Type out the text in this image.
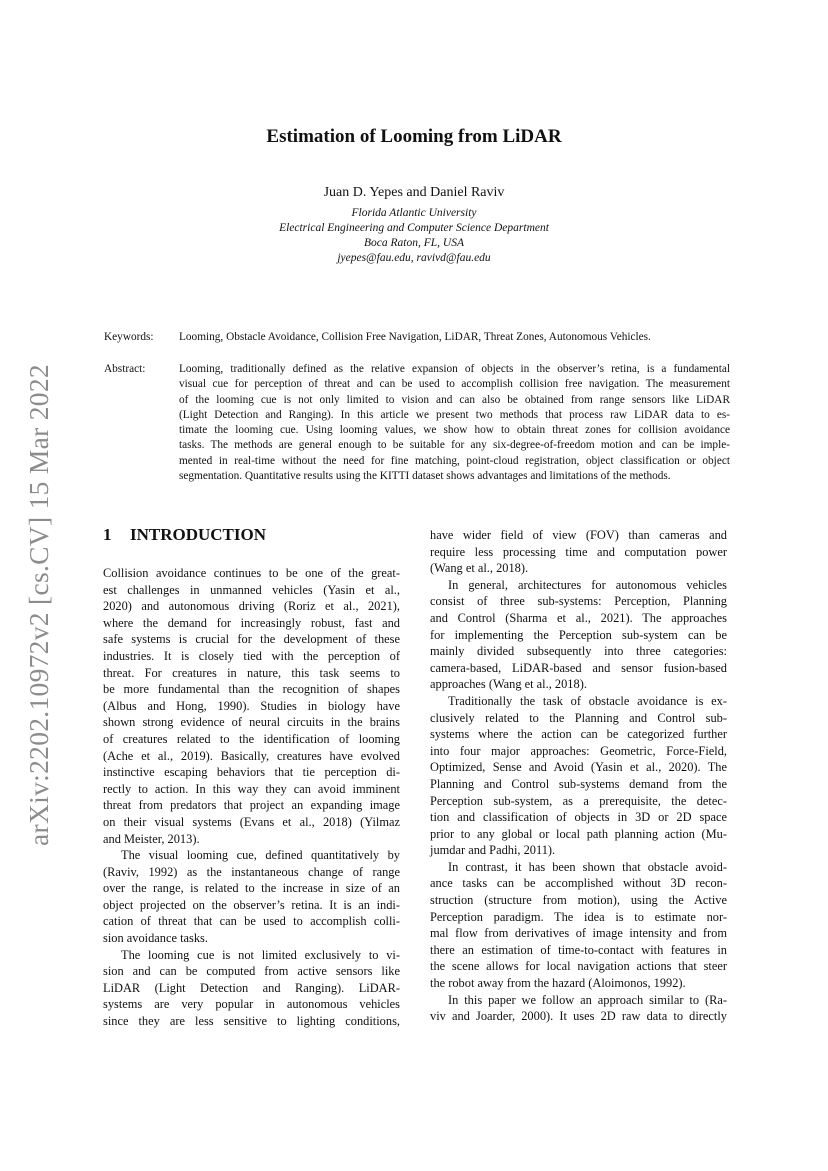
arXiv:2202.10972v2 [cs.CV] 15 Mar 2022
Estimation of Looming from LiDAR
Juan D. Yepes and Daniel Raviv
Florida Atlantic University
Electrical Engineering and Computer Science Department
Boca Raton, FL, USA
jyepes@fau.edu, ravivd@fau.edu
Keywords:	Looming, Obstacle Avoidance, Collision Free Navigation, LiDAR, Threat Zones, Autonomous Vehicles.
Abstract:	Looming, traditionally defined as the relative expansion of objects in the observer’s retina, is a fundamental
visual cue for perception of threat and can be used to accomplish collision free navigation. The measurement
of the looming cue is not only limited to vision and can also be obtained from range sensors like LiDAR
(Light Detection and Ranging). In this article we present two methods that process raw LiDAR data to es-
timate the looming cue. Using looming values, we show how to obtain threat zones for collision avoidance
tasks. The methods are general enough to be suitable for any six-degree-of-freedom motion and can be imple-
mented in real-time without the need for fine matching, point-cloud registration, object classification or object
segmentation. Quantitative results using the KITTI dataset shows advantages and limitations of the methods.
1 INTRODUCTION
Collision avoidance continues to be one of the great-
est challenges in unmanned vehicles (Yasin et al.,
2020) and autonomous driving (Roriz et al., 2021),
where the demand for increasingly robust, fast and
safe systems is crucial for the development of these
industries. It is closely tied with the perception of
threat. For creatures in nature, this task seems to
be more fundamental than the recognition of shapes
(Albus and Hong, 1990). Studies in biology have
shown strong evidence of neural circuits in the brains
of creatures related to the identification of looming
(Ache et al., 2019). Basically, creatures have evolved
instinctive escaping behaviors that tie perception di-
rectly to action. In this way they can avoid imminent
threat from predators that project an expanding image
on their visual systems (Evans et al., 2018) (Yilmaz
and Meister, 2013).
The visual looming cue, defined quantitatively by
(Raviv, 1992) as the instantaneous change of range
over the range, is related to the increase in size of an
object projected on the observer’s retina. It is an indi-
cation of threat that can be used to accomplish colli-
sion avoidance tasks.
The looming cue is not limited exclusively to vi-
sion and can be computed from active sensors like
LiDAR (Light Detection and Ranging). LiDAR-
systems are very popular in autonomous vehicles
since they are less sensitive to lighting conditions,
have wider field of view (FOV) than cameras and
require less processing time and computation power
(Wang et al., 2018).
In general, architectures for autonomous vehicles
consist of three sub-systems: Perception, Planning
and Control (Sharma et al., 2021). The approaches
for implementing the Perception sub-system can be
mainly divided subsequently into three categories:
camera-based, LiDAR-based and sensor fusion-based
approaches (Wang et al., 2018).
Traditionally the task of obstacle avoidance is ex-
clusively related to the Planning and Control sub-
systems where the action can be categorized further
into four major approaches: Geometric, Force-Field,
Optimized, Sense and Avoid (Yasin et al., 2020). The
Planning and Control sub-systems demand from the
Perception sub-system, as a prerequisite, the detec-
tion and classification of objects in 3D or 2D space
prior to any global or local path planning action (Mu-
jumdar and Padhi, 2011).
In contrast, it has been shown that obstacle avoid-
ance tasks can be accomplished without 3D recon-
struction (structure from motion), using the Active
Perception paradigm. The idea is to estimate nor-
mal flow from derivatives of image intensity and from
there an estimation of time-to-contact with features in
the scene allows for local navigation actions that steer
the robot away from the hazard (Aloimonos, 1992).
In this paper we follow an approach similar to (Ra-
viv and Joarder, 2000). It uses 2D raw data to directly
